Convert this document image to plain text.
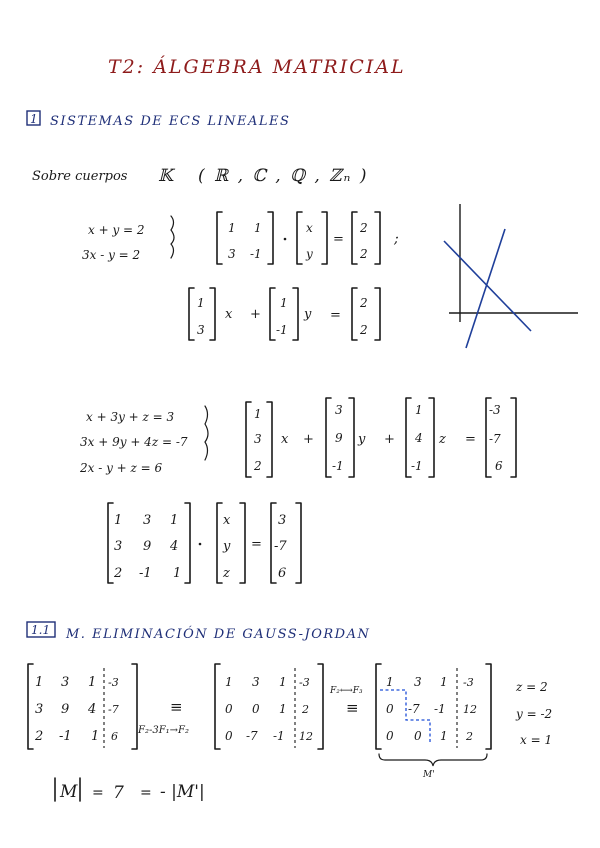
T2: ÁLGEBRA MATRICIAL
1 SISTEMAS DE ECS LINEALES
Sobre cuerpos 𝕂 ( ℝ , ℂ , ℚ , ℤₙ )
x + y = 2
3x - y = 2
1 1
3 -1
x
y
=
2
2
;
1
3
x +
1
-1
y =
2
2
x + 3y + z = 3
3x + 9y + 4z = -7
2x - y + z = 6
1
3
2
x +
3
9
-1
y +
1
4
-1
z =
-3
-7
6
1 3 1
3 9 4
2 -1 1
x
y
z
=
3
-7
6
1.1 M. ELIMINACIÓN DE GAUSS-JORDAN
1 3 1 -3
3 9 4 -7
2 -1 1 6 F₂-3F₁→F₂
≡
1 3 1 -3
0 0 1 2
0 -7 -1 12
F₂⟷F₃
≡
1 3 1 -3
0 -7 -1 12
0 0 1 2
M'
z = 2
y = -2
x = 1
M = 7 = - |M'|
